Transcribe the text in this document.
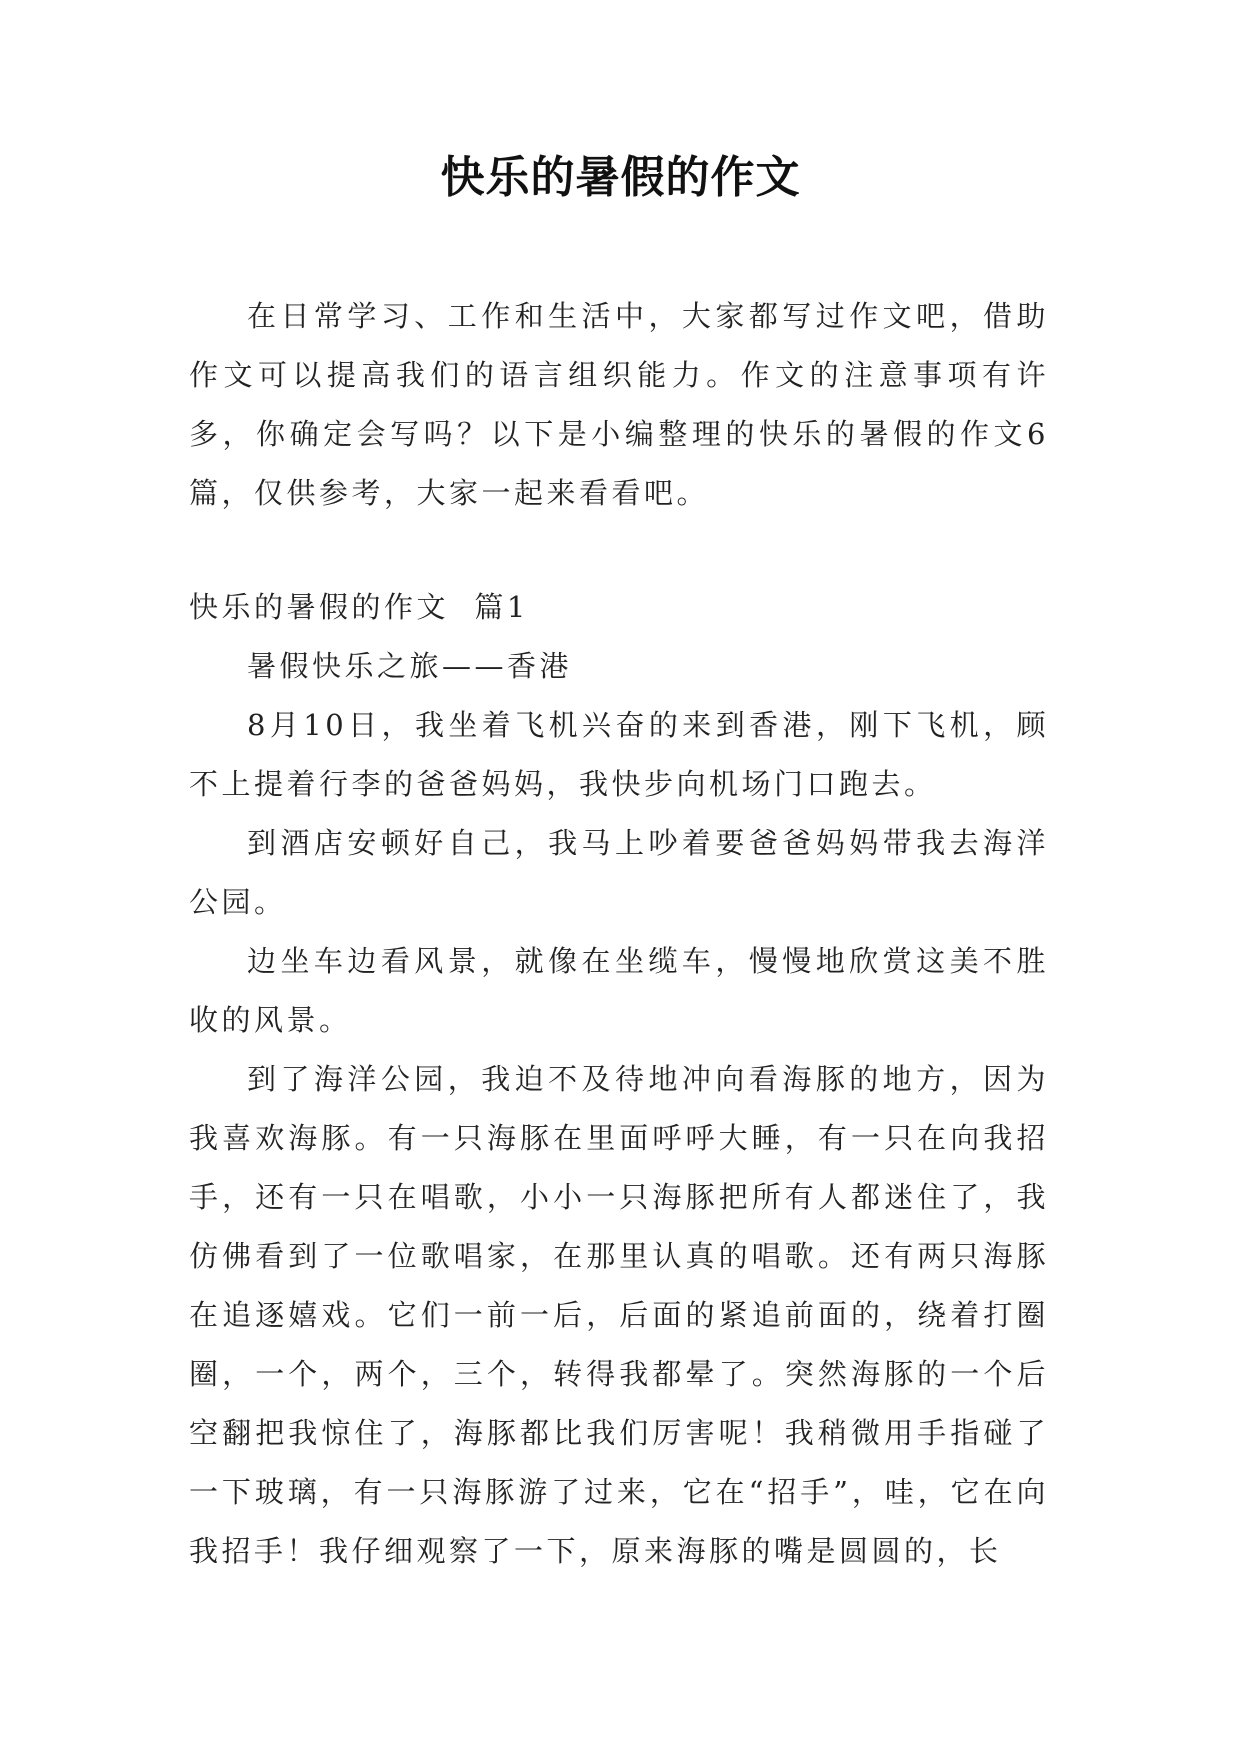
快乐的暑假的作文

在日常学习、工作和生活中，大家都写过作文吧，借助作文可以提高我们的语言组织能力。作文的注意事项有许多，你确定会写吗？以下是小编整理的快乐的暑假的作文6篇，仅供参考，大家一起来看看吧。

快乐的暑假的作文  篇1

暑假快乐之旅——香港

8月10日，我坐着飞机兴奋的来到香港，刚下飞机，顾不上提着行李的爸爸妈妈，我快步向机场门口跑去。

到酒店安顿好自己，我马上吵着要爸爸妈妈带我去海洋公园。

边坐车边看风景，就像在坐缆车，慢慢地欣赏这美不胜收的风景。

到了海洋公园，我迫不及待地冲向看海豚的地方，因为我喜欢海豚。有一只海豚在里面呼呼大睡，有一只在向我招手，还有一只在唱歌，小小一只海豚把所有人都迷住了，我仿佛看到了一位歌唱家，在那里认真的唱歌。还有两只海豚在追逐嬉戏。它们一前一后，后面的紧追前面的，绕着打圈圈，一个，两个，三个，转得我都晕了。突然海豚的一个后空翻把我惊住了，海豚都比我们厉害呢！我稍微用手指碰了一下玻璃，有一只海豚游了过来，它在“招手”，哇，它在向我招手！我仔细观察了一下，原来海豚的嘴是圆圆的，长
